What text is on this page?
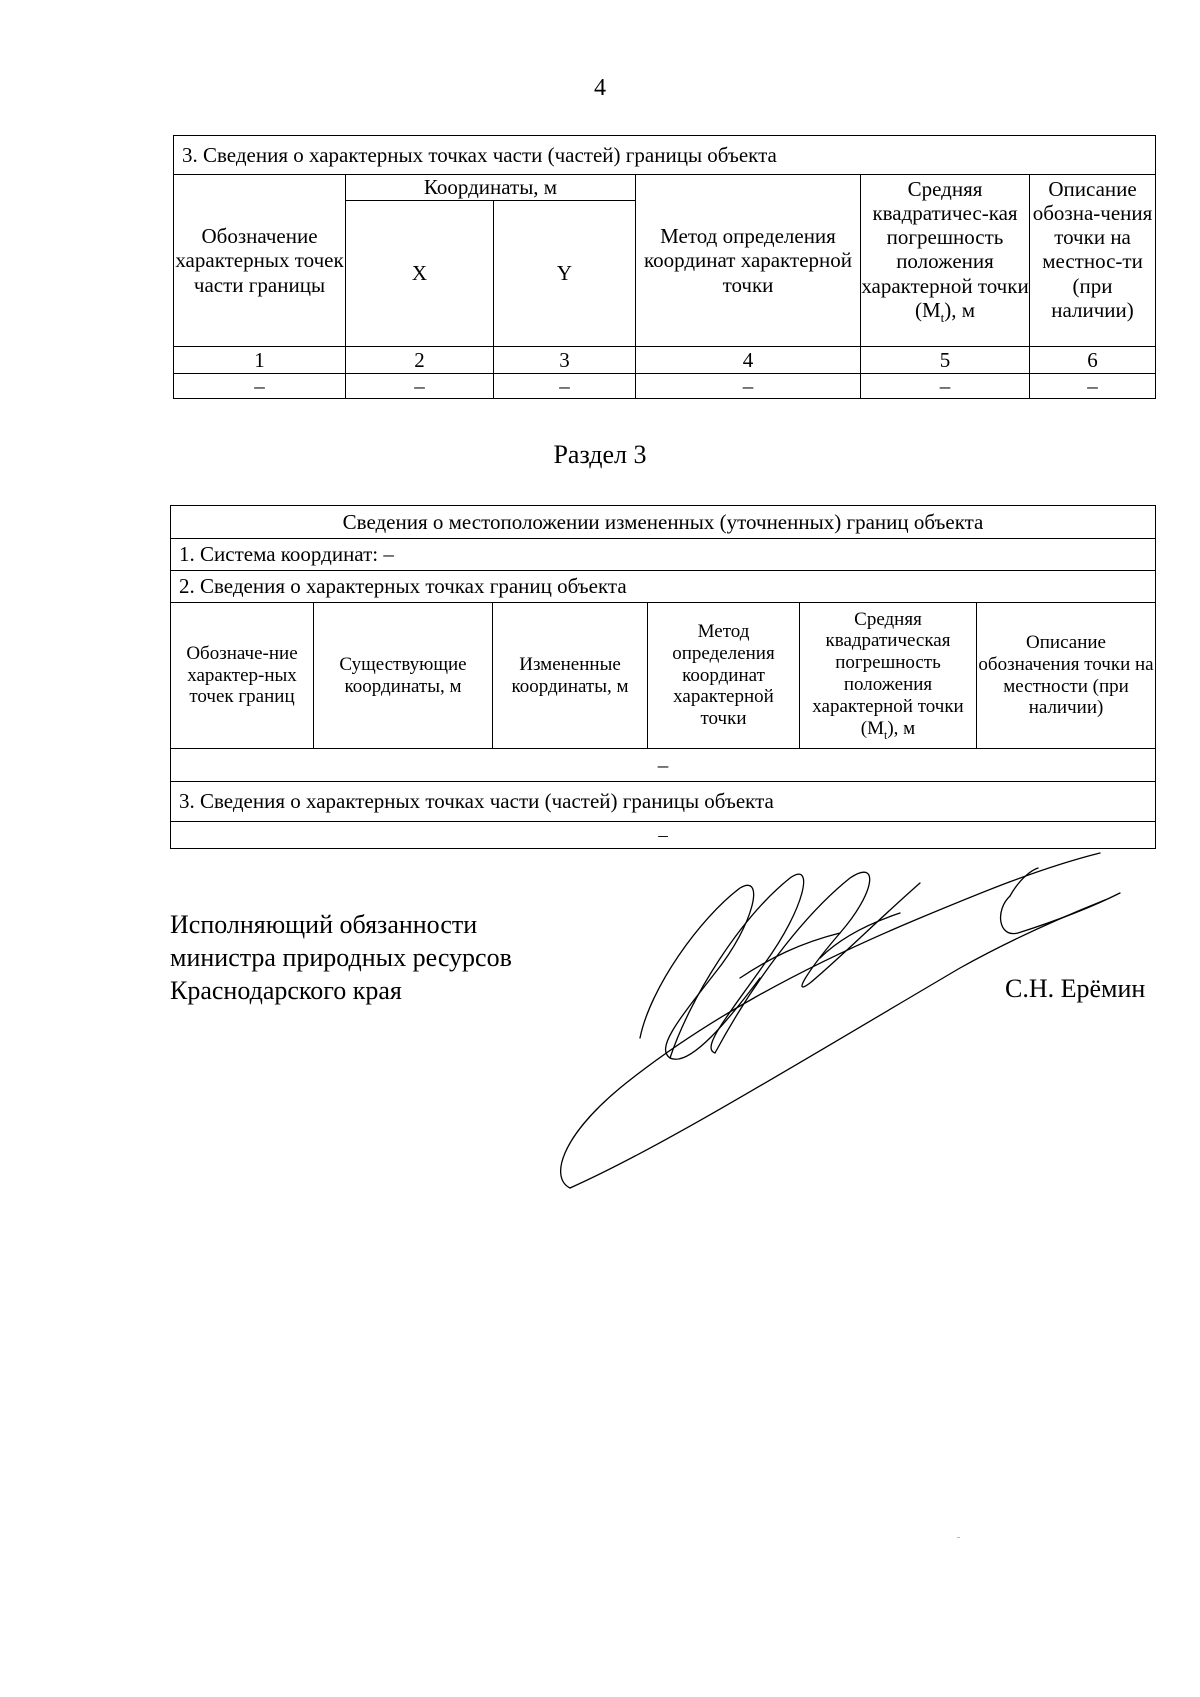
4
3. Сведения о характерных точках части (частей) границы объекта					
Обозначение характерных точек части границы	Координаты, м		Метод определения координат характерной точки	Средняя квадратичес-кая погрешность положения характерной точки $(M_t)$, м	Описание обозна-чения точки на местнос-ти (при наличии)
	X	Y			
1	2	3	4	5	6
–	–	–	–	–	–
Раздел 3
Сведения о местоположении измененных (уточненных) границ объекта
1. Система координат: –
2. Сведения о характерных точках границ объекта
Обозначе-ние характер-ных точек границ	Существующие координаты, м	Измененные координаты, м	Метод определения координат характерной точки	Средняя квадратическая погрешность положения характерной точки $(M_t)$, м	Описание обозначения точки на местности (при наличии)
–
3. Сведения о характерных точках части (частей) границы объекта
–
Исполняющий обязанности
министра природных ресурсов
Краснодарского края	С.Н. Ерёмин
